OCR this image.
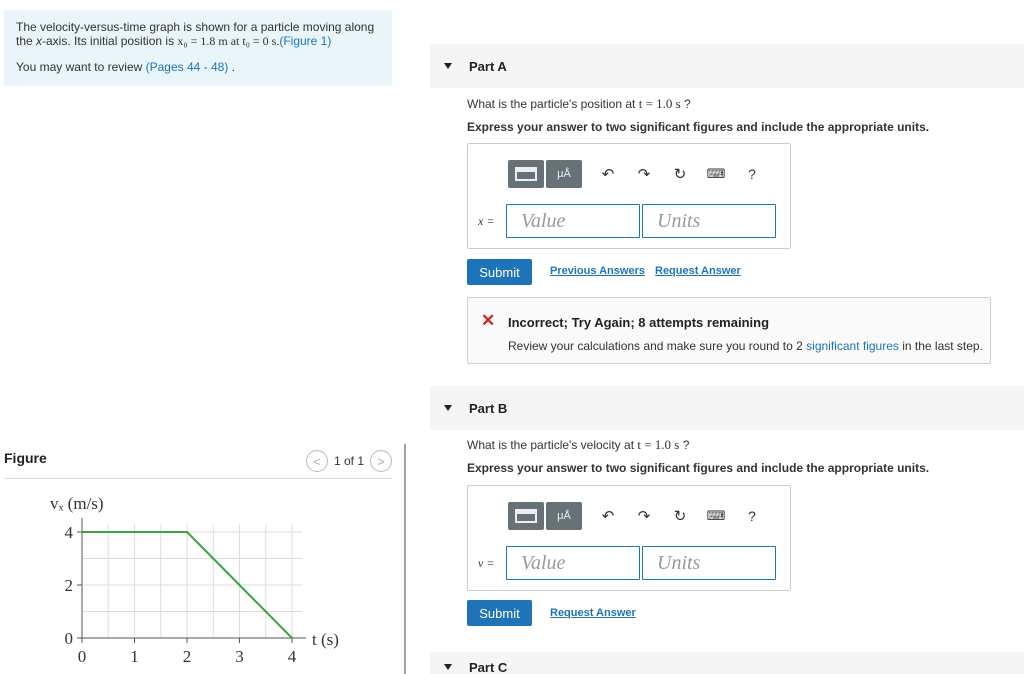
The velocity-versus-time graph is shown for a particle moving along
the x-axis. Its initial position is x₀ = 1.8 m at t₀ = 0 s.(Figure 1)
You may want to review (Pages 44 - 48) .
Figure	< 1 of 1 >
0	1	2	3	4
0
2
4
vₓ (m/s)
t (s)
Part A
What is the particle's position at t = 1.0 s ?
Express your answer to two significant figures and include the appropriate units.
μÅ ↶ ↷ ↻ ⌨ ?
x =	Value	Units
Submit	Previous Answers Request Answer
✕ Incorrect; Try Again; 8 attempts remaining
Review your calculations and make sure you round to 2 significant figures in the last step.
Part B
What is the particle's velocity at t = 1.0 s ?
Express your answer to two significant figures and include the appropriate units.
μÅ ↶ ↷ ↻ ⌨ ?
v =	Value	Units
Submit	Request Answer
Part C
